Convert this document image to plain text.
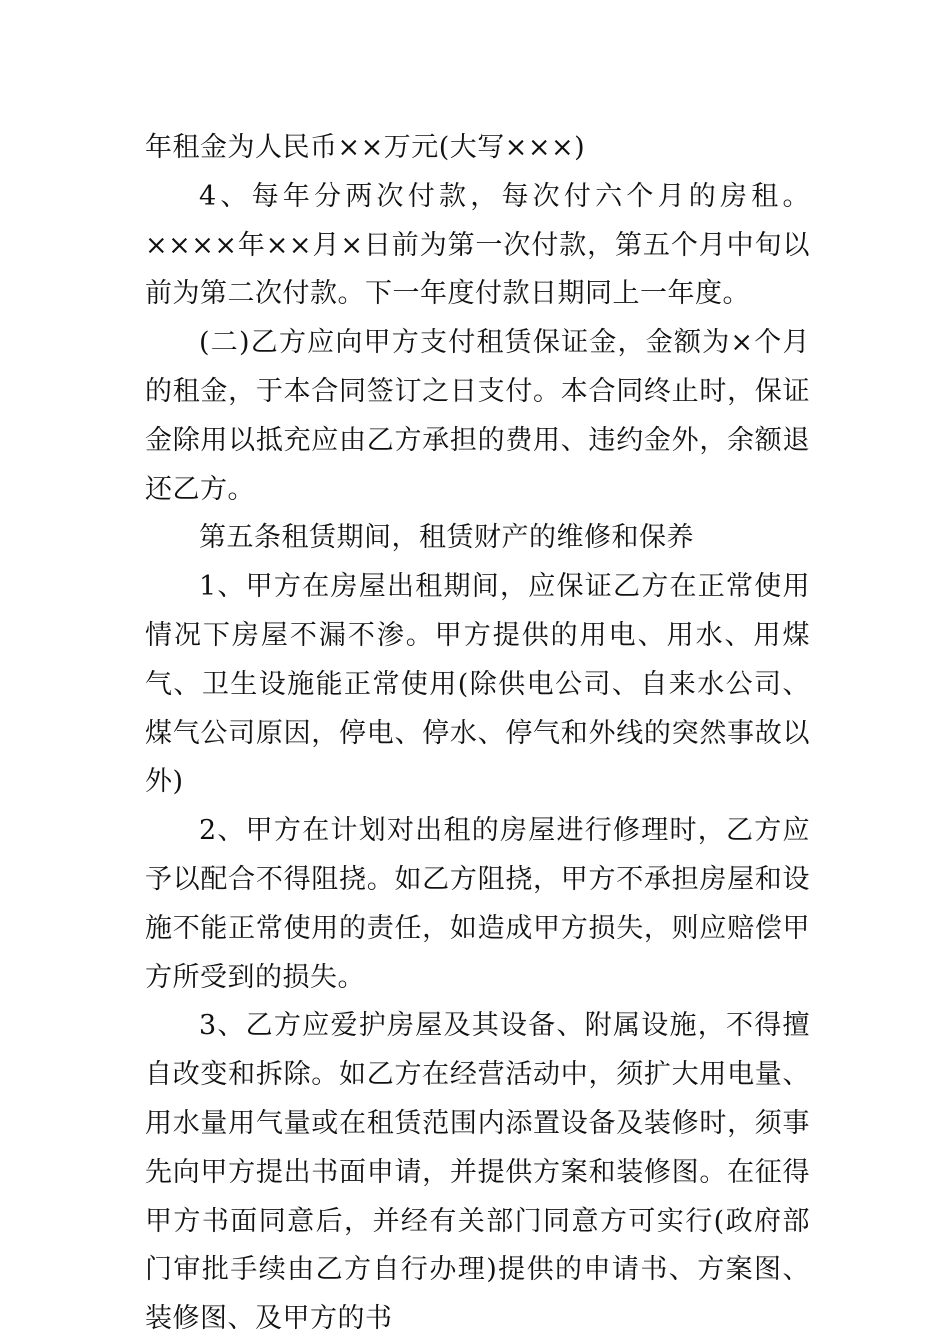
年租金为人民币××万元(大写×××)

4、每年分两次付款，每次付六个月的房租。××××年××月×日前为第一次付款，第五个月中旬以前为第二次付款。下一年度付款日期同上一年度。

(二)乙方应向甲方支付租赁保证金，金额为×个月的租金，于本合同签订之日支付。本合同终止时，保证金除用以抵充应由乙方承担的费用、违约金外，余额退还乙方。

第五条租赁期间，租赁财产的维修和保养

1、甲方在房屋出租期间，应保证乙方在正常使用情况下房屋不漏不渗。甲方提供的用电、用水、用煤气、卫生设施能正常使用(除供电公司、自来水公司、煤气公司原因，停电、停水、停气和外线的突然事故以外)

2、甲方在计划对出租的房屋进行修理时，乙方应予以配合不得阻挠。如乙方阻挠，甲方不承担房屋和设施不能正常使用的责任，如造成甲方损失，则应赔偿甲方所受到的损失。

3、乙方应爱护房屋及其设备、附属设施，不得擅自改变和拆除。如乙方在经营活动中，须扩大用电量、用水量用气量或在租赁范围内添置设备及装修时，须事先向甲方提出书面申请，并提供方案和装修图。在征得甲方书面同意后，并经有关部门同意方可实行(政府部门审批手续由乙方自行办理)提供的申请书、方案图、装修图、及甲方的书
